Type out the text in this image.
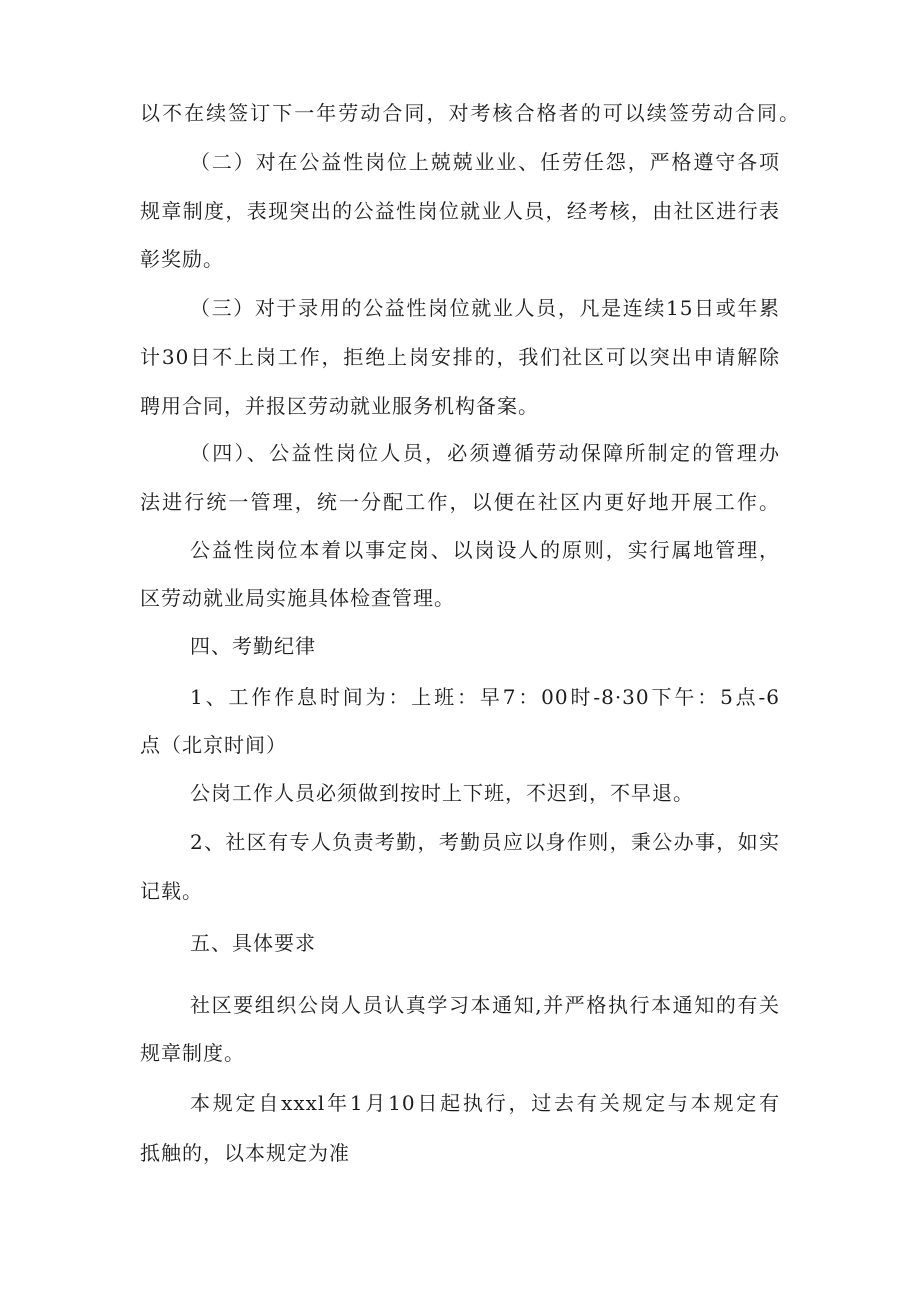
以不在续签订下一年劳动合同，对考核合格者的可以续签劳动合同。

（二）对在公益性岗位上兢兢业业、任劳任怨，严格遵守各项

规章制度，表现突出的公益性岗位就业人员，经考核，由社区进行表

彰奖励。

（三）对于录用的公益性岗位就业人员，凡是连续15日或年累

计30日不上岗工作，拒绝上岗安排的，我们社区可以突出申请解除

聘用合同，并报区劳动就业服务机构备案。

（四）、公益性岗位人员，必须遵循劳动保障所制定的管理办

法进行统一管理，统一分配工作，以便在社区内更好地开展工作。

公益性岗位本着以事定岗、以岗设人的原则，实行属地管理，

区劳动就业局实施具体检查管理。

四、考勤纪律

1、工作作息时间为：上班：早7：00时-8·30下午：5点-6

点（北京时间）

公岗工作人员必须做到按时上下班，不迟到，不早退。

2、社区有专人负责考勤，考勤员应以身作则，秉公办事，如实

记载。

五、具体要求

社区要组织公岗人员认真学习本通知,并严格执行本通知的有关

规章制度。

本规定自xxxl年1月10日起执行，过去有关规定与本规定有

抵触的，以本规定为准
